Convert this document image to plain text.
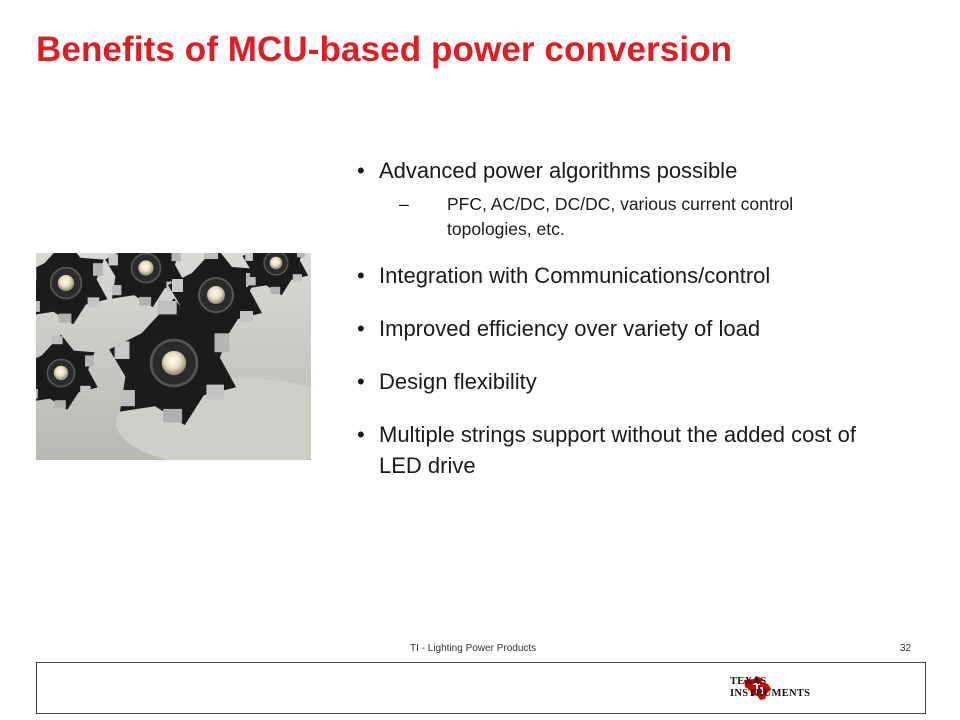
Benefits of MCU-based power conversion
• Advanced power algorithms possible
– PFC, AC/DC, DC/DC, various current control topologies, etc.
• Integration with Communications/control
• Improved efficiency over variety of load
• Design flexibility
• Multiple strings support without the added cost of LED drive
TI - Lighting Power Products	32
TEXAS
INSTRUMENTS
